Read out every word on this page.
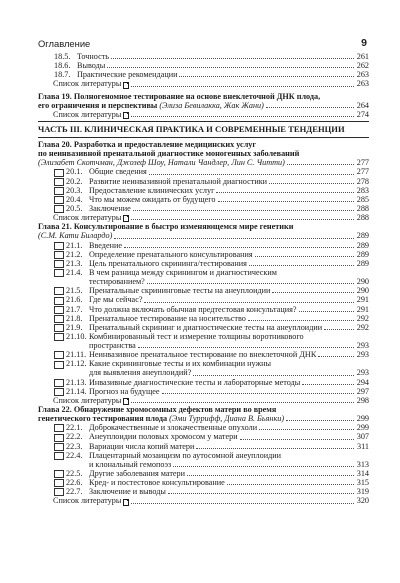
Оглавление	9
18.5. Точность	261
18.6. Выводы	262
18.7. Практические рекомендации	263
Список литературы	263
Глава 19. Полногеномное тестирование на основе внеклеточной ДНК плода,
его ограничения и перспективы (Элиза Бевилакка, Жак Жани)	264
Список литературы	274
ЧАСТЬ III. КЛИНИЧЕСКАЯ ПРАКТИКА И СОВРЕМЕННЫЕ ТЕНДЕНЦИИ
Глава 20. Разработка и предоставление медицинских услуг
по неинвазивной пренатальной диагностике моногенных заболеваний
(Элизабет Скотчман, Джозеф Шоу, Натали Чандлер, Лин С. Читти)	277
20.1. Общие сведения	277
20.2. Развитие неинвазивной пренатальной диагностики	278
20.3. Предоставление клинических услуг	283
20.4. Что мы можем ожидать от будущего	285
20.5. Заключение	288
Список литературы	288
Глава 21. Консультирование в быстро изменяющемся мире генетики
(С.М. Кати Билардо)	289
21.1. Введение	289
21.2. Определение пренатального консультирования	289
21.3. Цель пренатального скрининга/тестирования	289
21.4. В чем разница между скринингом и диагностическим
тестированием?	290
21.5. Пренатальные скрининговые тесты на анеуплоидии	290
21.6. Где мы сейчас?	291
21.7. Что должна включать обычная предтестовая консультация?	291
21.8. Пренатальное тестирование на носительство	292
21.9. Пренатальный скрининг и диагностические тесты на анеуплоидии	292
21.10. Комбинированный тест и измерение толщины воротникового
пространства	293
21.11. Неинвазивное пренатальное тестирование по внеклеточной ДНК	293
21.12. Какие скрининговые тесты и их комбинации нужны
для выявления анеуплоидий?	293
21.13. Инвазивные диагностические тесты и лабораторные методы	294
21.14. Прогноз на будущее	297
Список литературы	298
Глава 22. Обнаружение хромосомных дефектов матери во время
генетического тестирования плода (Эми Туррифф, Диана В. Бьянки)	299
22.1. Доброкачественные и злокачественные опухоли	299
22.2. Анеуплоидии половых хромосом у матери	307
22.3. Вариации числа копий матери	311
22.4. Плацентарный мозаицизм по аутосомной анеуплоидии
и клональный гемопоэз	313
22.5. Другие заболевания матери	314
22.6. Кред- и постестовое консультирование	315
22.7. Заключение и выводы	319
Список литературы	320
